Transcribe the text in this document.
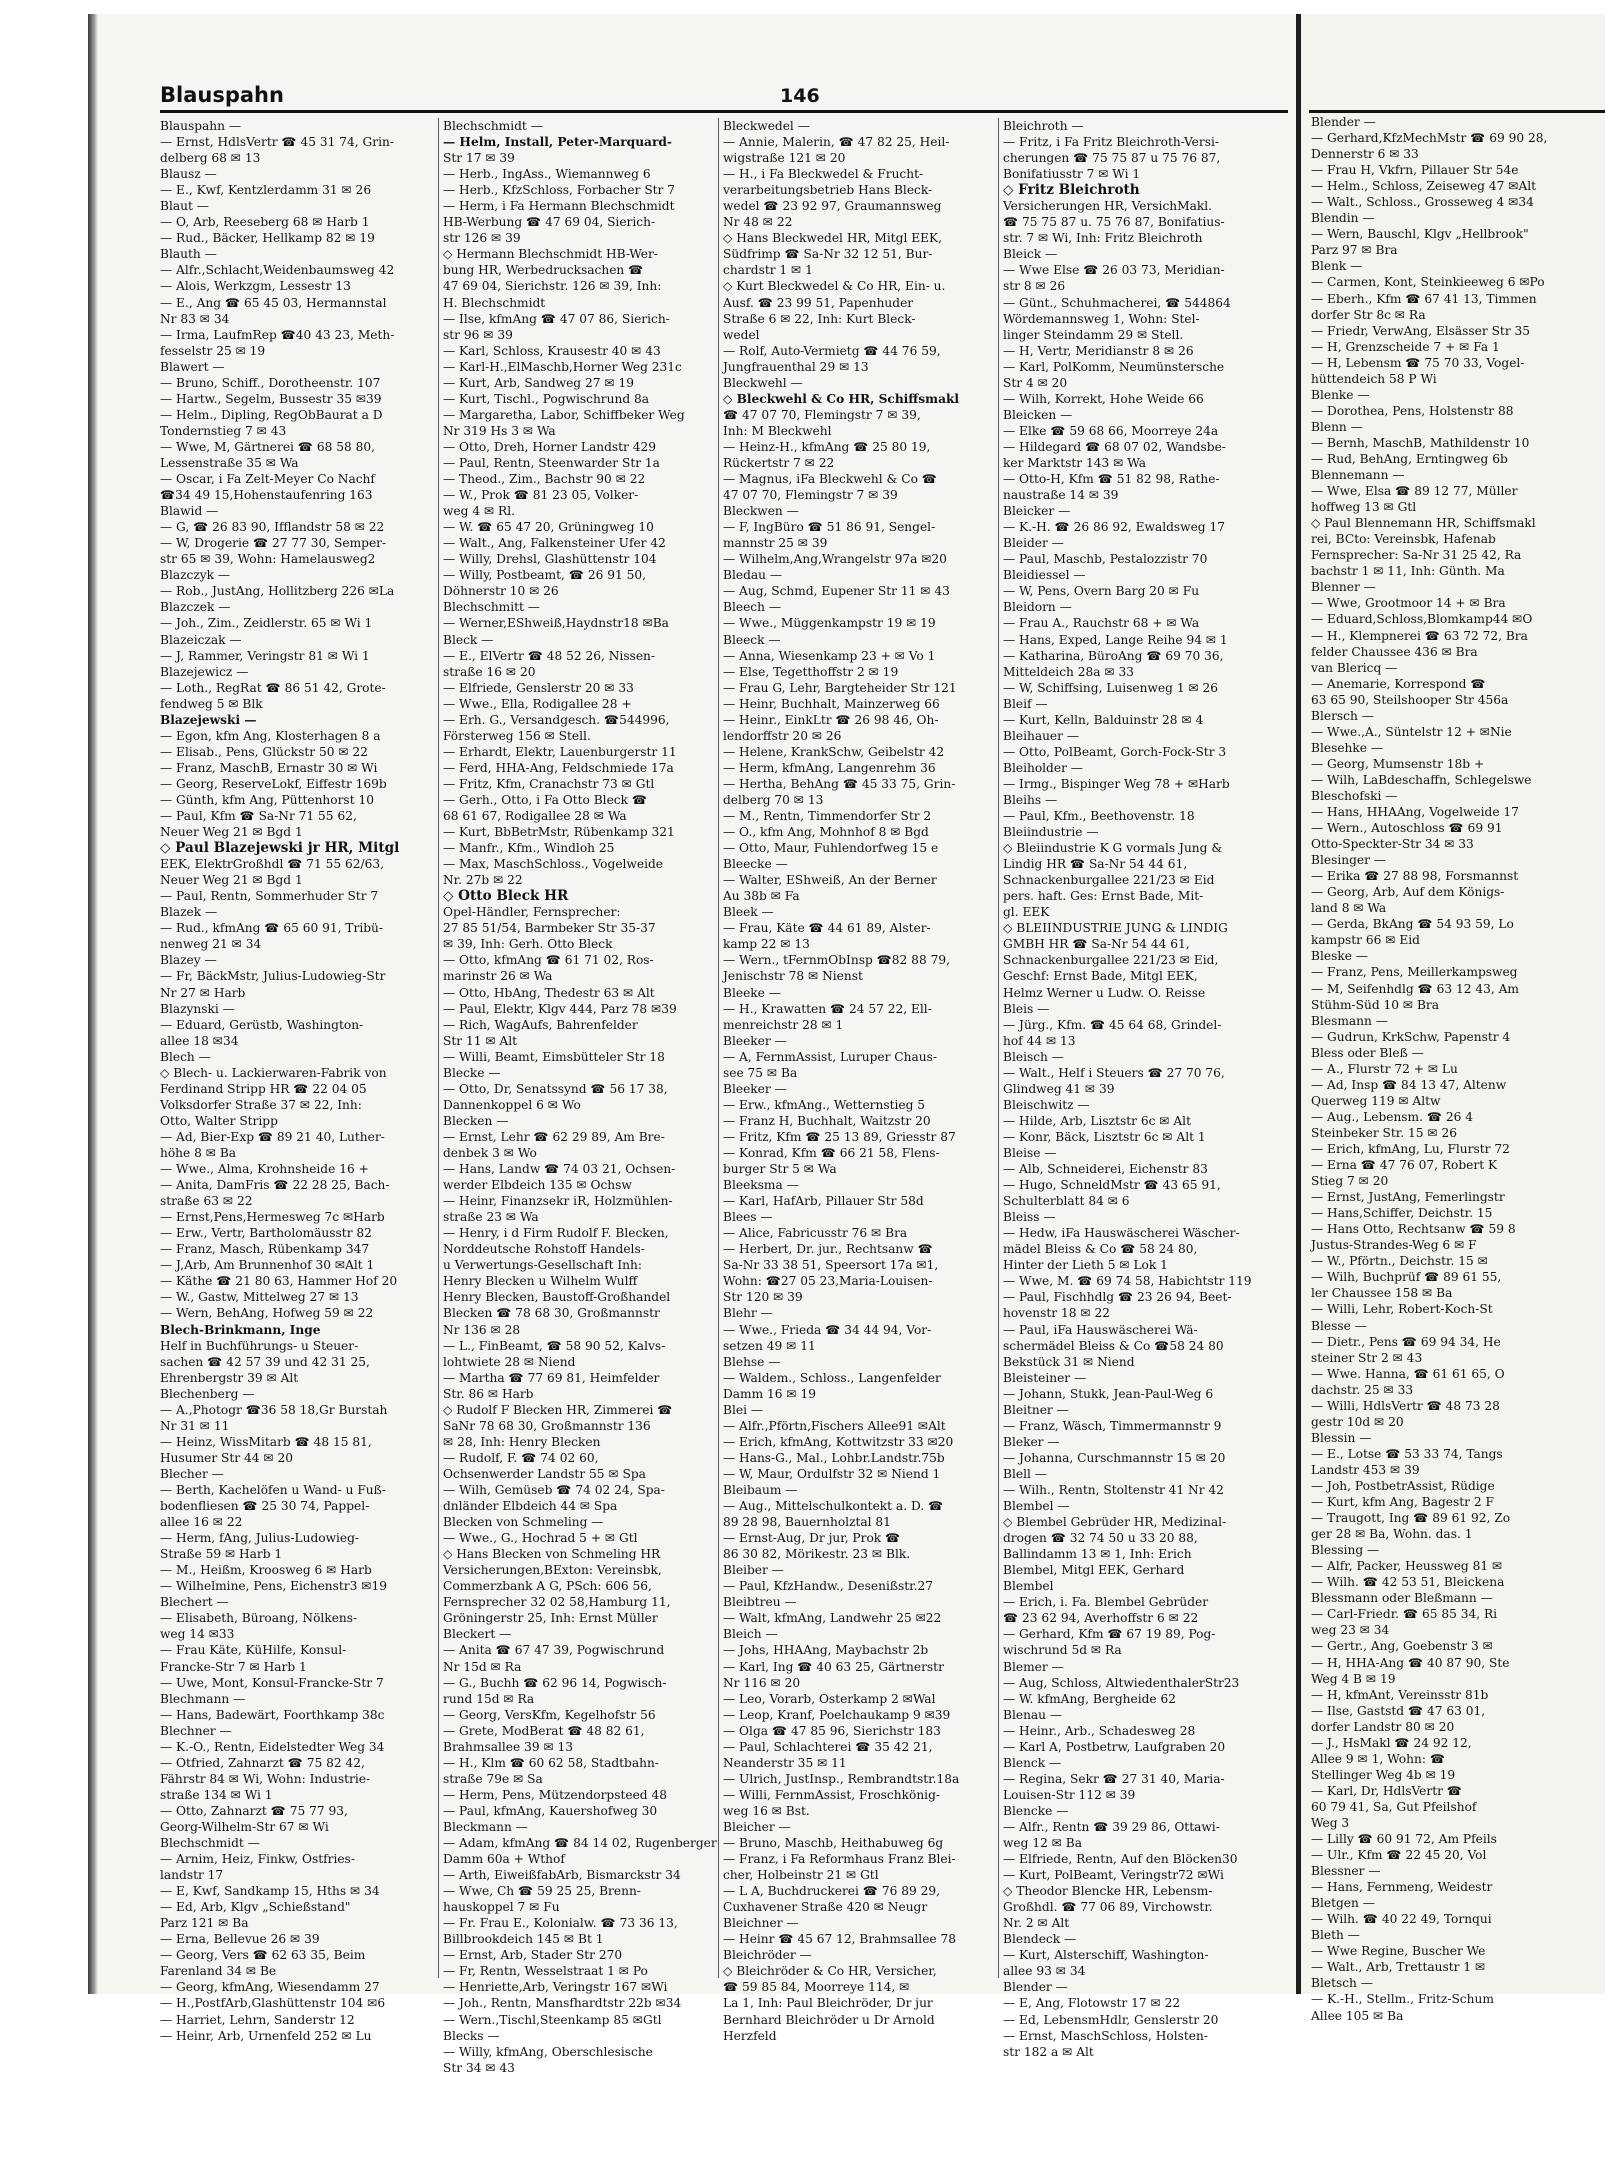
Blauspahn	146
Blauspahn —
— Ernst, HdlsVertr ☎ 45 31 74, Grin-
delberg 68 ✉ 13
Blausz —
— E., Kwf, Kentzlerdamm 31 ✉ 26
Blaut —
— O, Arb, Reeseberg 68 ✉ Harb 1
— Rud., Bäcker, Hellkamp 82 ✉ 19
Blauth —
— Alfr.,Schlacht,Weidenbaumsweg 42
— Alois, Werkzgm, Lessestr 13
— E., Ang ☎ 65 45 03, Hermannstal
Nr 83 ✉ 34
— Irma, LaufmRep ☎40 43 23, Meth-
fesselstr 25 ✉ 19
Blawert —
— Bruno, Schiff., Dorotheenstr. 107
— Hartw., Segelm, Bussestr 35 ✉39
— Helm., Dipling, RegObBaurat a D
Tondernstieg 7 ✉ 43
— Wwe, M, Gärtnerei ☎ 68 58 80,
Lessenstraße 35 ✉ Wa
— Oscar, i Fa Zelt-Meyer Co Nachf
☎34 49 15,Hohenstaufenring 163
Blawid —
— G, ☎ 26 83 90, Ifflandstr 58 ✉ 22
— W, Drogerie ☎ 27 77 30, Semper-
str 65 ✉ 39, Wohn: Hamelausweg2
Blazczyk —
— Rob., JustAng, Hollitzberg 226 ✉La
Blazczek —
— Joh., Zim., Zeidlerstr. 65 ✉ Wi 1
Blazeiczak —
— J, Rammer, Veringstr 81 ✉ Wi 1
Blazejewicz —
— Loth., RegRat ☎ 86 51 42, Grote-
fendweg 5 ✉ Blk
Blazejewski —
— Egon, kfm Ang, Klosterhagen 8 a
— Elisab., Pens, Glückstr 50 ✉ 22
— Franz, MaschB, Ernastr 30 ✉ Wi
— Georg, ReserveLokf, Eiffestr 169b
— Günth, kfm Ang, Püttenhorst 10
— Paul, Kfm ☎ Sa-Nr 71 55 62,
Neuer Weg 21 ✉ Bgd 1
◇ Paul Blazejewski jr HR, Mitgl
EEK, ElektrGroßhdl ☎ 71 55 62/63,
Neuer Weg 21 ✉ Bgd 1
— Paul, Rentn, Sommerhuder Str 7
Blazek —
— Rud., kfmAng ☎ 65 60 91, Tribü-
nenweg 21 ✉ 34
Blazey —
— Fr, BäckMstr, Julius-Ludowieg-Str
Nr 27 ✉ Harb
Blazynski —
— Eduard, Gerüstb, Washington-
allee 18 ✉34
Blech —
◇ Blech- u. Lackierwaren-Fabrik von
Ferdinand Stripp HR ☎ 22 04 05
Volksdorfer Straße 37 ✉ 22, Inh:
Otto, Walter Stripp
— Ad, Bier-Exp ☎ 89 21 40, Luther-
höhe 8 ✉ Ba
— Wwe., Alma, Krohnsheide 16 +
— Anita, DamFris ☎ 22 28 25, Bach-
straße 63 ✉ 22
— Ernst,Pens,Hermesweg 7c ✉Harb
— Erw., Vertr, Bartholomäusstr 82
— Franz, Masch, Rübenkamp 347
— J,Arb, Am Brunnenhof 30 ✉Alt 1
— Käthe ☎ 21 80 63, Hammer Hof 20
— W., Gastw, Mittelweg 27 ✉ 13
— Wern, BehAng, Hofweg 59 ✉ 22
Blech-Brinkmann, Inge
Helf in Buchführungs- u Steuer-
sachen ☎ 42 57 39 und 42 31 25,
Ehrenbergstr 39 ✉ Alt
Blechenberg —
— A.,Photogr ☎36 58 18,Gr Burstah
Nr 31 ✉ 11
— Heinz, WissMitarb ☎ 48 15 81,
Husumer Str 44 ✉ 20
Blecher —
— Berth, Kachelöfen u Wand- u Fuß-
bodenfliesen ☎ 25 30 74, Pappel-
allee 16 ✉ 22
— Herm, fAng, Julius-Ludowieg-
Straße 59 ✉ Harb 1
— M., Heißm, Kroosweg 6 ✉ Harb
— Wilhelmine, Pens, Eichenstr3 ✉19
Blechert —
— Elisabeth, Büroang, Nölkens-
weg 14 ✉33
— Frau Käte, KüHilfe, Konsul-
Francke-Str 7 ✉ Harb 1
— Uwe, Mont, Konsul-Francke-Str 7
Blechmann —
— Hans, Badewärt, Foorthkamp 38c
Blechner —
— K.-O., Rentn, Eidelstedter Weg 34
— Otfried, Zahnarzt ☎ 75 82 42,
Fährstr 84 ✉ Wi, Wohn: Industrie-
straße 134 ✉ Wi 1
— Otto, Zahnarzt ☎ 75 77 93,
Georg-Wilhelm-Str 67 ✉ Wi
Blechschmidt —
— Arnim, Heiz, Finkw, Ostfries-
landstr 17
— E, Kwf, Sandkamp 15, Hths ✉ 34
— Ed, Arb, Klgv „Schießstand"
Parz 121 ✉ Ba
— Erna, Bellevue 26 ✉ 39
— Georg, Vers ☎ 62 63 35, Beim
Farenland 34 ✉ Be
— Georg, kfmAng, Wiesendamm 27
— H.,PostfArb,Glashüttenstr 104 ✉6
— Harriet, Lehrn, Sanderstr 12
— Heinr, Arb, Urnenfeld 252 ✉ Lu
Blechschmidt —
— Helm, Install, Peter-Marquard-
Str 17 ✉ 39
— Herb., IngAss., Wiemannweg 6
— Herb., KfzSchloss, Forbacher Str 7
— Herm, i Fa Hermann Blechschmidt
HB-Werbung ☎ 47 69 04, Sierich-
str 126 ✉ 39
◇ Hermann Blechschmidt HB-Wer-
bung HR, Werbedrucksachen ☎
47 69 04, Sierichstr. 126 ✉ 39, Inh:
H. Blechschmidt
— Ilse, kfmAng ☎ 47 07 86, Sierich-
str 96 ✉ 39
— Karl, Schloss, Krausestr 40 ✉ 43
— Karl-H.,ElMaschb,Horner Weg 231c
— Kurt, Arb, Sandweg 27 ✉ 19
— Kurt, Tischl., Pogwischrund 8a
— Margaretha, Labor, Schiffbeker Weg
Nr 319 Hs 3 ✉ Wa
— Otto, Dreh, Horner Landstr 429
— Paul, Rentn, Steenwarder Str 1a
— Theod., Zim., Bachstr 90 ✉ 22
— W., Prok ☎ 81 23 05, Volker-
weg 4 ✉ Rl.
— W. ☎ 65 47 20, Grüningweg 10
— Walt., Ang, Falkensteiner Ufer 42
— Willy, Drehsl, Glashüttenstr 104
— Willy, Postbeamt, ☎ 26 91 50,
Döhnerstr 10 ✉ 26
Blechschmitt —
— Werner,EShweiß,Haydnstr18 ✉Ba
Bleck —
— E., ElVertr ☎ 48 52 26, Nissen-
straße 16 ✉ 20
— Elfriede, Genslerstr 20 ✉ 33
— Wwe., Ella, Rodigallee 28 +
— Erh. G., Versandgesch. ☎544996,
Försterweg 156 ✉ Stell.
— Erhardt, Elektr, Lauenburgerstr 11
— Ferd, HHA-Ang, Feldschmiede 17a
— Fritz, Kfm, Cranachstr 73 ✉ Gtl
— Gerh., Otto, i Fa Otto Bleck ☎
68 61 67, Rodigallee 28 ✉ Wa
— Kurt, BbBetrMstr, Rübenkamp 321
— Manfr., Kfm., Windloh 25
— Max, MaschSchloss., Vogelweide
Nr. 27b ✉ 22
◇ Otto Bleck HR
Opel-Händler, Fernsprecher:
27 85 51/54, Barmbeker Str 35-37
✉ 39, Inh: Gerh. Otto Bleck
— Otto, kfmAng ☎ 61 71 02, Ros-
marinstr 26 ✉ Wa
— Otto, HbAng, Thedestr 63 ✉ Alt
— Paul, Elektr, Klgv 444, Parz 78 ✉39
— Rich, WagAufs, Bahrenfelder
Str 11 ✉ Alt
— Willi, Beamt, Eimsbütteler Str 18
Blecke —
— Otto, Dr, Senatssynd ☎ 56 17 38,
Dannenkoppel 6 ✉ Wo
Blecken —
— Ernst, Lehr ☎ 62 29 89, Am Bre-
denbek 3 ✉ Wo
— Hans, Landw ☎ 74 03 21, Ochsen-
werder Elbdeich 135 ✉ Ochsw
— Heinr, Finanzsekr iR, Holzmühlen-
straße 23 ✉ Wa
— Henry, i d Firm Rudolf F. Blecken,
Norddeutsche Rohstoff Handels-
u Verwertungs-Gesellschaft Inh:
Henry Blecken u Wilhelm Wulff
Henry Blecken, Baustoff-Großhandel
Blecken ☎ 78 68 30, Großmannstr
Nr 136 ✉ 28
— L., FinBeamt, ☎ 58 90 52, Kalvs-
lohtwiete 28 ✉ Niend
— Martha ☎ 77 69 81, Heimfelder
Str. 86 ✉ Harb
◇ Rudolf F Blecken HR, Zimmerei ☎
SaNr 78 68 30, Großmannstr 136
✉ 28, Inh: Henry Blecken
— Rudolf, F. ☎ 74 02 60,
Ochsenwerder Landstr 55 ✉ Spa
— Wilh, Gemüseb ☎ 74 02 24, Spa-
dnländer Elbdeich 44 ✉ Spa
Blecken von Schmeling —
— Wwe., G., Hochrad 5 + ✉ Gtl
◇ Hans Blecken von Schmeling HR
Versicherungen,BExton: Vereinsbk,
Commerzbank A G, PSch: 606 56,
Fernsprecher 32 02 58,Hamburg 11,
Gröningerstr 25, Inh: Ernst Müller
Bleckert —
— Anita ☎ 67 47 39, Pogwischrund
Nr 15d ✉ Ra
— G., Buchh ☎ 62 96 14, Pogwisch-
rund 15d ✉ Ra
— Georg, VersKfm, Kegelhofstr 56
— Grete, ModBerat ☎ 48 82 61,
Brahmsallee 39 ✉ 13
— H., Klm ☎ 60 62 58, Stadtbahn-
straße 79e ✉ Sa
— Herm, Pens, Mützendorpsteed 48
— Paul, kfmAng, Kauershofweg 30
Bleckmann —
— Adam, kfmAng ☎ 84 14 02, Rugenberger
Damm 60a + Wthof
— Arth, EiweißfabArb, Bismarckstr 34
— Wwe, Ch ☎ 59 25 25, Brenn-
hauskoppel 7 ✉ Fu
— Fr. Frau E., Kolonialw. ☎ 73 36 13,
Billbrookdeich 145 ✉ Bt 1
— Ernst, Arb, Stader Str 270
— Fr, Rentn, Wesselstraat 1 ✉ Po
— Henriette,Arb, Veringstr 167 ✉Wi
— Joh., Rentn, Mansfhardtstr 22b ✉34
— Wern.,Tischl,Steenkamp 85 ✉Gtl
Blecks —
— Willy, kfmAng, Oberschlesische
Str 34 ✉ 43
Bleckwedel —
— Annie, Malerin, ☎ 47 82 25, Heil-
wigstraße 121 ✉ 20
— H., i Fa Bleckwedel & Frucht-
verarbeitungsbetrieb Hans Bleck-
wedel ☎ 23 92 97, Graumannsweg
Nr 48 ✉ 22
◇ Hans Bleckwedel HR, Mitgl EEK,
Südfrimp ☎ Sa-Nr 32 12 51, Bur-
chardstr 1 ✉ 1
◇ Kurt Bleckwedel & Co HR, Ein- u.
Ausf. ☎ 23 99 51, Papenhuder
Straße 6 ✉ 22, Inh: Kurt Bleck-
wedel
— Rolf, Auto-Vermietg ☎ 44 76 59,
Jungfrauenthal 29 ✉ 13
Bleckwehl —
◇ Bleckwehl & Co HR, Schiffsmakl
☎ 47 07 70, Flemingstr 7 ✉ 39,
Inh: M Bleckwehl
— Heinz-H., kfmAng ☎ 25 80 19,
Rückertstr 7 ✉ 22
— Magnus, iFa Bleckwehl & Co ☎
47 07 70, Flemingstr 7 ✉ 39
Bleckwen —
— F, IngBüro ☎ 51 86 91, Sengel-
mannstr 25 ✉ 39
— Wilhelm,Ang,Wrangelstr 97a ✉20
Bledau —
— Aug, Schmd, Eupener Str 11 ✉ 43
Bleech —
— Wwe., Müggenkampstr 19 ✉ 19
Bleeck —
— Anna, Wiesenkamp 23 + ✉ Vo 1
— Else, Tegetthoffstr 2 ✉ 19
— Frau G, Lehr, Bargteheider Str 121
— Heinr, Buchhalt, Mainzerweg 66
— Heinr., EinkLtr ☎ 26 98 46, Oh-
lendorffstr 20 ✉ 26
— Helene, KrankSchw, Geibelstr 42
— Herm, kfmAng, Langenrehm 36
— Hertha, BehAng ☎ 45 33 75, Grin-
delberg 70 ✉ 13
— M., Rentn, Timmendorfer Str 2
— O., kfm Ang, Mohnhof 8 ✉ Bgd
— Otto, Maur, Fuhlendorfweg 15 e
Bleecke —
— Walter, EShweiß, An der Berner
Au 38b ✉ Fa
Bleek —
— Frau, Käte ☎ 44 61 89, Alster-
kamp 22 ✉ 13
— Wern., tFernmObInsp ☎82 88 79,
Jenischstr 78 ✉ Nienst
Bleeke —
— H., Krawatten ☎ 24 57 22, Ell-
menreichstr 28 ✉ 1
Bleeker —
— A, FernmAssist, Luruper Chaus-
see 75 ✉ Ba
Bleeker —
— Erw., kfmAng., Wetternstieg 5
— Franz H, Buchhalt, Waitzstr 20
— Fritz, Kfm ☎ 25 13 89, Griesstr 87
— Konrad, Kfm ☎ 66 21 58, Flens-
burger Str 5 ✉ Wa
Bleeksma —
— Karl, HafArb, Pillauer Str 58d
Blees —
— Alice, Fabricusstr 76 ✉ Bra
— Herbert, Dr. jur., Rechtsanw ☎
Sa-Nr 33 38 51, Speersort 17a ✉1,
Wohn: ☎27 05 23,Maria-Louisen-
Str 120 ✉ 39
Blehr —
— Wwe., Frieda ☎ 34 44 94, Vor-
setzen 49 ✉ 11
Blehse —
— Waldem., Schloss., Langenfelder
Damm 16 ✉ 19
Blei —
— Alfr.,Pförtn,Fischers Allee91 ✉Alt
— Erich, kfmAng, Kottwitzstr 33 ✉20
— Hans-G., Mal., Lohbr.Landstr.75b
— W, Maur, Ordulfstr 32 ✉ Niend 1
Bleibaum —
— Aug., Mittelschulkontekt a. D. ☎
89 28 98, Bauernholztal 81
— Ernst-Aug, Dr jur, Prok ☎
86 30 82, Mörikestr. 23 ✉ Blk.
Bleiber —
— Paul, KfzHandw., Desenißstr.27
Bleibtreu —
— Walt, kfmAng, Landwehr 25 ✉22
Bleich —
— Johs, HHAAng, Maybachstr 2b
— Karl, Ing ☎ 40 63 25, Gärtnerstr
Nr 116 ✉ 20
— Leo, Vorarb, Osterkamp 2 ✉Wal
— Leop, Kranf, Poelchaukamp 9 ✉39
— Olga ☎ 47 85 96, Sierichstr 183
— Paul, Schlachterei ☎ 35 42 21,
Neanderstr 35 ✉ 11
— Ulrich, JustInsp., Rembrandtstr.18a
— Willi, FernmAssist, Froschkönig-
weg 16 ✉ Bst.
Bleicher —
— Bruno, Maschb, Heithabuweg 6g
— Franz, i Fa Reformhaus Franz Blei-
cher, Holbeinstr 21 ✉ Gtl
— L A, Buchdruckerei ☎ 76 89 29,
Cuxhavener Straße 420 ✉ Neugr
Bleichner —
— Heinr ☎ 45 67 12, Brahmsallee 78
Bleichröder —
◇ Bleichröder & Co HR, Versicher,
☎ 59 85 84, Moorreye 114, ✉
La 1, Inh: Paul Bleichröder, Dr jur
Bernhard Bleichröder u Dr Arnold
Herzfeld
Bleichroth —
— Fritz, i Fa Fritz Bleichroth-Versi-
cherungen ☎ 75 75 87 u 75 76 87,
Bonifatiusstr 7 ✉ Wi 1
◇ Fritz Bleichroth
Versicherungen HR, VersichMakl.
☎ 75 75 87 u. 75 76 87, Bonifatius-
str. 7 ✉ Wi, Inh: Fritz Bleichroth
Bleick —
— Wwe Else ☎ 26 03 73, Meridian-
str 8 ✉ 26
— Günt., Schuhmacherei, ☎ 544864
Wördemannsweg 1, Wohn: Stel-
linger Steindamm 29 ✉ Stell.
— H, Vertr, Meridianstr 8 ✉ 26
— Karl, PolKomm, Neumünstersche
Str 4 ✉ 20
— Wilh, Korrekt, Hohe Weide 66
Bleicken —
— Elke ☎ 59 68 66, Moorreye 24a
— Hildegard ☎ 68 07 02, Wandsbe-
ker Marktstr 143 ✉ Wa
— Otto-H, Kfm ☎ 51 82 98, Rathe-
naustraße 14 ✉ 39
Bleicker —
— K.-H. ☎ 26 86 92, Ewaldsweg 17
Bleider —
— Paul, Maschb, Pestalozzistr 70
Bleidiessel —
— W, Pens, Overn Barg 20 ✉ Fu
Bleidorn —
— Frau A., Rauchstr 68 + ✉ Wa
— Hans, Exped, Lange Reihe 94 ✉ 1
— Katharina, BüroAng ☎ 69 70 36,
Mitteldeich 28a ✉ 33
— W, Schiffsing, Luisenweg 1 ✉ 26
Bleif —
— Kurt, Kelln, Balduinstr 28 ✉ 4
Bleihauer —
— Otto, PolBeamt, Gorch-Fock-Str 3
Bleiholder —
— Irmg., Bispinger Weg 78 + ✉Harb
Bleihs —
— Paul, Kfm., Beethovenstr. 18
Bleiindustrie —
◇ Bleiindustrie K G vormals Jung &
Lindig HR ☎ Sa-Nr 54 44 61,
Schnackenburgallee 221/23 ✉ Eid
pers. haft. Ges: Ernst Bade, Mit-
gl. EEK
◇ BLEIINDUSTRIE JUNG & LINDIG
GMBH HR ☎ Sa-Nr 54 44 61,
Schnackenburgallee 221/23 ✉ Eid,
Geschf: Ernst Bade, Mitgl EEK,
Helmz Werner u Ludw. O. Reisse
Bleis —
— Jürg., Kfm. ☎ 45 64 68, Grindel-
hof 44 ✉ 13
Bleisch —
— Walt., Helf i Steuers ☎ 27 70 76,
Glindweg 41 ✉ 39
Bleischwitz —
— Hilde, Arb, Lisztstr 6c ✉ Alt
— Konr, Bäck, Lisztstr 6c ✉ Alt 1
Bleise —
— Alb, Schneiderei, Eichenstr 83
— Hugo, SchneldMstr ☎ 43 65 91,
Schulterblatt 84 ✉ 6
Bleiss —
— Hedw, iFa Hauswäscherei Wäscher-
mädel Bleiss & Co ☎ 58 24 80,
Hinter der Lieth 5 ✉ Lok 1
— Wwe, M. ☎ 69 74 58, Habichtstr 119
— Paul, Fischhdlg ☎ 23 26 94, Beet-
hovenstr 18 ✉ 22
— Paul, iFa Hauswäscherei Wä-
schermädel Bleiss & Co ☎58 24 80
Bekstück 31 ✉ Niend
Bleisteiner —
— Johann, Stukk, Jean-Paul-Weg 6
Bleitner —
— Franz, Wäsch, Timmermannstr 9
Bleker —
— Johanna, Curschmannstr 15 ✉ 20
Blell —
— Wilh., Rentn, Stoltenstr 41 Nr 42
Blembel —
◇ Blembel Gebrüder HR, Medizinal-
drogen ☎ 32 74 50 u 33 20 88,
Ballindamm 13 ✉ 1, Inh: Erich
Blembel, Mitgl EEK, Gerhard
Blembel
— Erich, i. Fa. Blembel Gebrüder
☎ 23 62 94, Averhoffstr 6 ✉ 22
— Gerhard, Kfm ☎ 67 19 89, Pog-
wischrund 5d ✉ Ra
Blemer —
— Aug, Schloss, AltwiedenthalerStr23
— W. kfmAng, Bergheide 62
Blenau —
— Heinr., Arb., Schadesweg 28
— Karl A, Postbetrw, Laufgraben 20
Blenck —
— Regina, Sekr ☎ 27 31 40, Maria-
Louisen-Str 112 ✉ 39
Blencke —
— Alfr., Rentn ☎ 39 29 86, Ottawi-
weg 12 ✉ Ba
— Elfriede, Rentn, Auf den Blöcken30
— Kurt, PolBeamt, Veringstr72 ✉Wi
◇ Theodor Blencke HR, Lebensm-
Großhdl. ☎ 77 06 89, Virchowstr.
Nr. 2 ✉ Alt
Blendeck —
— Kurt, Alsterschiff, Washington-
allee 93 ✉ 34
Blender —
— E, Ang, Flotowstr 17 ✉ 22
— Ed, LebensmHdlr, Genslerstr 20
— Ernst, MaschSchloss, Holsten-
str 182 a ✉ Alt
Blender —
— Gerhard,KfzMechMstr ☎ 69 90 28,
Dennerstr 6 ✉ 33
— Frau H, Vkfrn, Pillauer Str 54e
— Helm., Schloss, Zeiseweg 47 ✉Alt
— Walt., Schloss., Grosseweg 4 ✉34
Blendin —
— Wern, Bauschl, Klgv „Hellbrook"
Parz 97 ✉ Bra
Blenk —
— Carmen, Kont, Steinkieeweg 6 ✉Po
— Eberh., Kfm ☎ 67 41 13, Timmen
dorfer Str 8c ✉ Ra
— Friedr, VerwAng, Elsässer Str 35
— H, Grenzscheide 7 + ✉ Fa 1
— H, Lebensm ☎ 75 70 33, Vogel-
hüttendeich 58 P Wi
Blenke —
— Dorothea, Pens, Holstenstr 88
Blenn —
— Bernh, MaschB, Mathildenstr 10
— Rud, BehAng, Erntingweg 6b
Blennemann —
— Wwe, Elsa ☎ 89 12 77, Müller
hoffweg 13 ✉ Gtl
◇ Paul Blennemann HR, Schiffsmakl
rei, BCto: Vereinsbk, Hafenab
Fernsprecher: Sa-Nr 31 25 42, Ra
bachstr 1 ✉ 11, Inh: Günth. Ma
Blenner —
— Wwe, Grootmoor 14 + ✉ Bra
— Eduard,Schloss,Blomkamp44 ✉O
— H., Klempnerei ☎ 63 72 72, Bra
felder Chaussee 436 ✉ Bra
van Blericq —
— Anemarie, Korrespond ☎
63 65 90, Steilshooper Str 456a
Blersch —
— Wwe.,A., Süntelstr 12 + ✉Nie
Blesehke —
— Georg, Mumsenstr 18b +
— Wilh, LaBdeschaffn, Schlegelswe
Bleschofski —
— Hans, HHAAng, Vogelweide 17
— Wern., Autoschloss ☎ 69 91
Otto-Speckter-Str 34 ✉ 33
Blesinger —
— Erika ☎ 27 88 98, Forsmannst
— Georg, Arb, Auf dem Königs-
land 8 ✉ Wa
— Gerda, BkAng ☎ 54 93 59, Lo
kampstr 66 ✉ Eid
Bleske —
— Franz, Pens, Meillerkampsweg
— M, Seifenhdlg ☎ 63 12 43, Am
Stühm-Süd 10 ✉ Bra
Blesmann —
— Gudrun, KrkSchw, Papenstr 4
Bless oder Bleß —
— A., Flurstr 72 + ✉ Lu
— Ad, Insp ☎ 84 13 47, Altenw
Querweg 119 ✉ Altw
— Aug., Lebensm. ☎ 26 4
Steinbeker Str. 15 ✉ 26
— Erich, kfmAng, Lu, Flurstr 72
— Erna ☎ 47 76 07, Robert K
Stieg 7 ✉ 20
— Ernst, JustAng, Femerlingstr
— Hans,Schiffer, Deichstr. 15
— Hans Otto, Rechtsanw ☎ 59 8
Justus-Strandes-Weg 6 ✉ F
— W., Pförtn., Deichstr. 15 ✉
— Wilh, Buchprüf ☎ 89 61 55,
ler Chaussee 158 ✉ Ba
— Willi, Lehr, Robert-Koch-St
Blesse —
— Dietr., Pens ☎ 69 94 34, He
steiner Str 2 ✉ 43
— Wwe. Hanna, ☎ 61 61 65, O
dachstr. 25 ✉ 33
— Willi, HdlsVertr ☎ 48 73 28
gestr 10d ✉ 20
Blessin —
— E., Lotse ☎ 53 33 74, Tangs
Landstr 453 ✉ 39
— Joh, PostbetrAssist, Rüdige
— Kurt, kfm Ang, Bagestr 2 F
— Traugott, Ing ☎ 89 61 92, Zo
ger 28 ✉ Ba, Wohn. das. 1
Blessing —
— Alfr, Packer, Heussweg 81 ✉
— Wilh. ☎ 42 53 51, Bleickena
Blessmann oder Bleßmann —
— Carl-Friedr. ☎ 65 85 34, Ri
weg 23 ✉ 34
— Gertr., Ang, Goebenstr 3 ✉
— H, HHA-Ang ☎ 40 87 90, Ste
Weg 4 B ✉ 19
— H, kfmAnt, Vereinsstr 81b
— Ilse, Gaststd ☎ 47 63 01,
dorfer Landstr 80 ✉ 20
— J., HsMakl ☎ 24 92 12,
Allee 9 ✉ 1, Wohn: ☎
Stellinger Weg 4b ✉ 19
— Karl, Dr, HdlsVertr ☎
60 79 41, Sa, Gut Pfeilshof
Weg 3
— Lilly ☎ 60 91 72, Am Pfeils
— Ulr., Kfm ☎ 22 45 20, Vol
Blessner —
— Hans, Fernmeng, Weidestr
Bletgen —
— Wilh. ☎ 40 22 49, Tornqui
Bleth —
— Wwe Regine, Buscher We
— Walt., Arb, Trettaustr 1 ✉
Bletsch —
— K.-H., Stellm., Fritz-Schum
Allee 105 ✉ Ba
